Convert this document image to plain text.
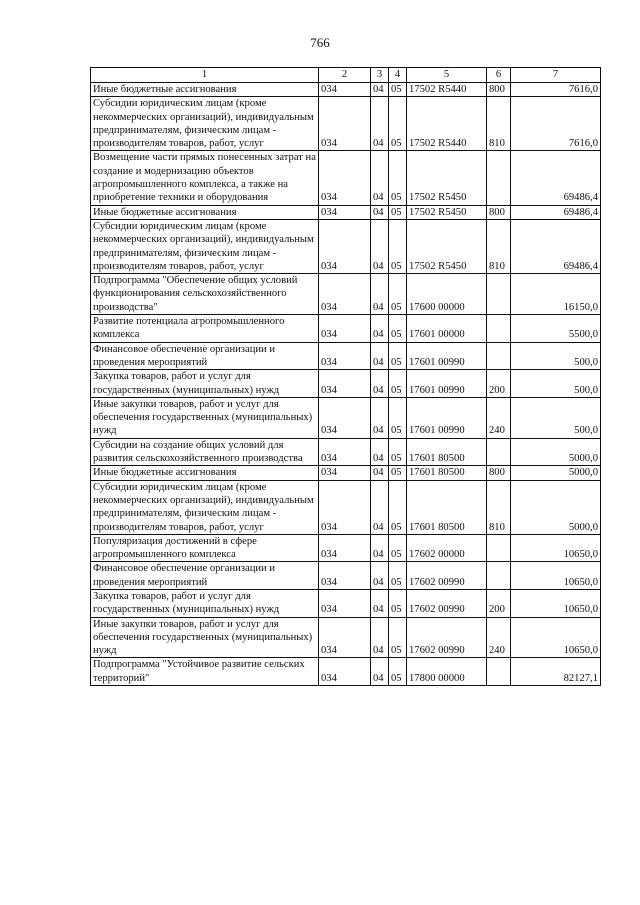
766
1	2	3	4	5	6	7
Иные бюджетные ассигнования	034	04	05	17502 R5440	800	7616,0
Субсидии юридическим лицам (кроме некоммерческих организаций), индивидуальным предпринимателям, физическим лицам - производителям товаров, работ, услуг	034	04	05	17502 R5440	810	7616,0
Возмещение части прямых понесенных затрат на создание и модернизацию объектов агропромышленного комплекса, а также на приобретение техники и оборудования	034	04	05	17502 R5450		69486,4
Иные бюджетные ассигнования	034	04	05	17502 R5450	800	69486,4
Субсидии юридическим лицам (кроме некоммерческих организаций), индивидуальным предпринимателям, физическим лицам - производителям товаров, работ, услуг	034	04	05	17502 R5450	810	69486,4
Подпрограмма "Обеспечение общих условий функционирования сельскохозяйственного производства"	034	04	05	17600 00000		16150,0
Развитие потенциала агропромышленного комплекса	034	04	05	17601 00000		5500,0
Финансовое обеспечение организации и проведения мероприятий	034	04	05	17601 00990		500,0
Закупка товаров, работ и услуг для государственных (муниципальных) нужд	034	04	05	17601 00990	200	500,0
Иные закупки товаров, работ и услуг для обеспечения государственных (муниципальных) нужд	034	04	05	17601 00990	240	500,0
Субсидии на создание общих условий для развития сельскохозяйственного производства	034	04	05	17601 80500		5000,0
Иные бюджетные ассигнования	034	04	05	17601 80500	800	5000,0
Субсидии юридическим лицам (кроме некоммерческих организаций), индивидуальным предпринимателям, физическим лицам - производителям товаров, работ, услуг	034	04	05	17601 80500	810	5000,0
Популяризация достижений в сфере агропромышленного комплекса	034	04	05	17602 00000		10650,0
Финансовое обеспечение организации и проведения мероприятий	034	04	05	17602 00990		10650,0
Закупка товаров, работ и услуг для государственных (муниципальных) нужд	034	04	05	17602 00990	200	10650,0
Иные закупки товаров, работ и услуг для обеспечения государственных (муниципальных) нужд	034	04	05	17602 00990	240	10650,0
Подпрограмма "Устойчивое развитие сельских территорий"	034	04	05	17800 00000		82127,1
